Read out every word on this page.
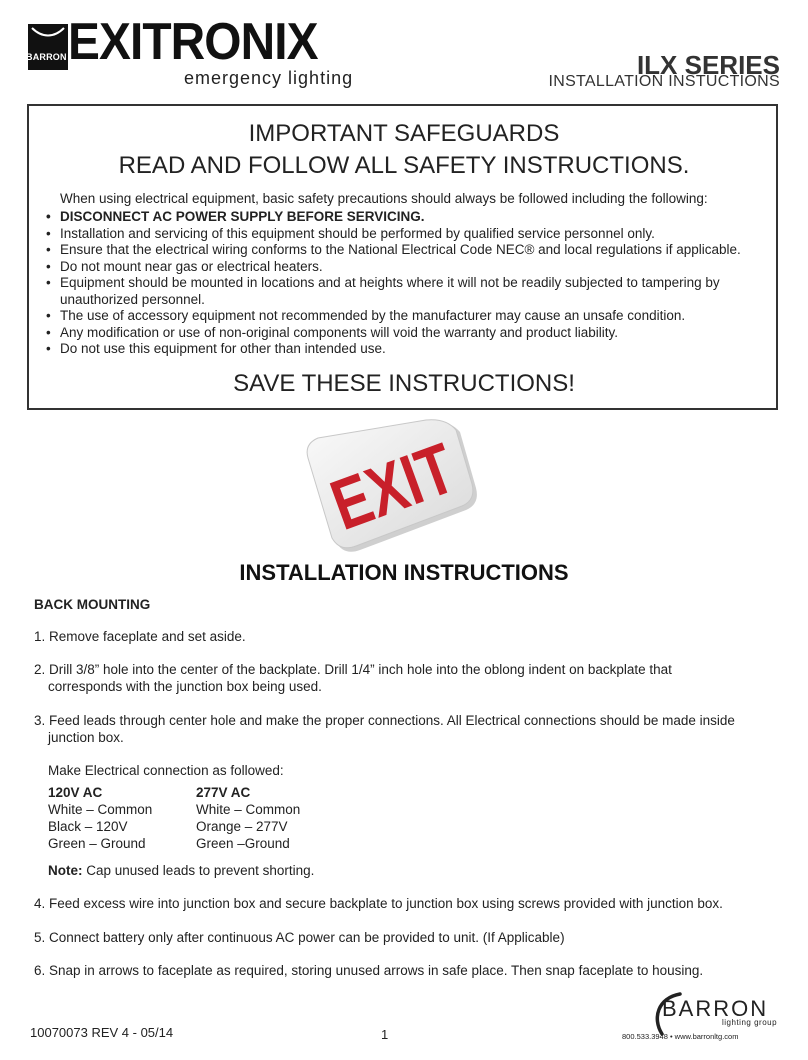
BARRON EXITRONIX
emergency lighting	ILX SERIES
INSTALLATION INSTUCTIONS
IMPORTANT SAFEGUARDS
READ AND FOLLOW ALL SAFETY INSTRUCTIONS.
When using electrical equipment, basic safety precautions should always be followed including the following:
• DISCONNECT AC POWER SUPPLY BEFORE SERVICING.
• Installation and servicing of this equipment should be performed by qualified service personnel only.
• Ensure that the electrical wiring conforms to the National Electrical Code NEC® and local regulations if applicable.
• Do not mount near gas or electrical heaters.
• Equipment should be mounted in locations and at heights where it will not be readily subjected to tampering by unauthorized personnel.
• The use of accessory equipment not recommended by the manufacturer may cause an unsafe condition.
• Any modification or use of non-original components will void the warranty and product liability.
• Do not use this equipment for other than intended use.
SAVE THESE INSTRUCTIONS!
EXIT
INSTALLATION INSTRUCTIONS
BACK MOUNTING
1. Remove faceplate and set aside.
2. Drill 3/8” hole into the center of the backplate. Drill 1/4” inch hole into the oblong indent on backplate that
corresponds with the junction box being used.
3. Feed leads through center hole and make the proper connections. All Electrical connections should be made inside
junction box.
Make Electrical connection as followed:
120V AC
White – Common
Black – 120V
Green – Ground
277V AC
White – Common
Orange – 277V
Green –Ground
Note: Cap unused leads to prevent shorting.
4. Feed excess wire into junction box and secure backplate to junction box using screws provided with junction box.
5. Connect battery only after continuous AC power can be provided to unit. (If Applicable)
6. Snap in arrows to faceplate as required, storing unused arrows in safe place. Then snap faceplate to housing.
10070073 REV 4 - 05/14	1
BARRON
lighting group
800.533.3948 • www.barronltg.com
